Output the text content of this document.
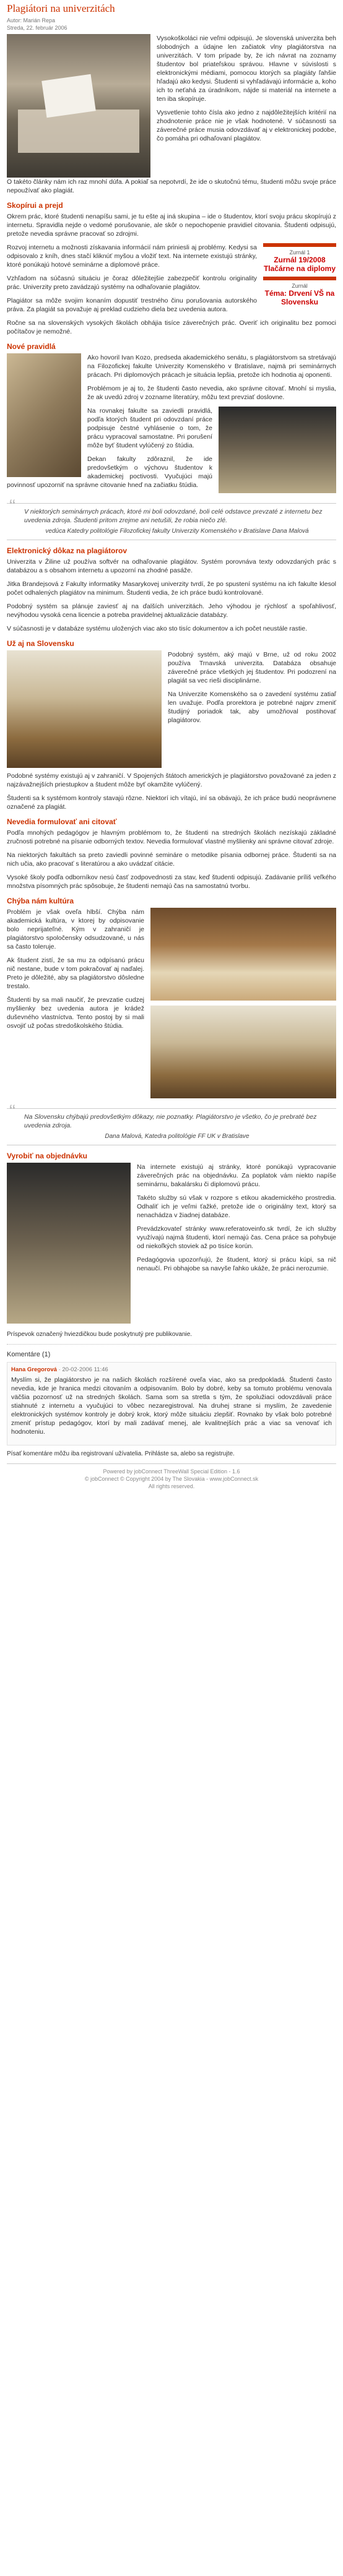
Plagiátori na univerzitách
Autor: Marián Repa
Streda, 22. február 2006

Vysokoškoláci nie veľmi odpisujú. Je slovenská univerzita beh slobodných a údajne len začiatok vlny plagiátorstva na univerzitách. V tom prípade by, že ich návrat na zoznamy študentov bol priateľskou správou. Hlavne v súvislosti s elektronickými médiami, pomocou ktorých sa plagiáty ľahšie hľadajú ako kedysi. Študenti si vyhľadávajú informácie a, koho ich to neťahá za úradníkom, nájde si materiál na internete a ten iba skopíruje.

Vysvetlenie tohto čísla ako jedno z najdôležitejších kritérií na zhodnotenie práce nie je však hodnotené. V súčasnosti sa záverečné práce musia odovzdávať aj v elektronickej podobe, čo pomáha pri odhaľovaní plagiátov.

O takéto články nám ich raz mnohí dúfa. A pokiaľ sa nepotvrdí, že ide o skutočnú tému, študenti môžu svoje práce nepoužívať ako plagiát.

Skopírui a prejd

Okrem prác, ktoré študenti nenapíšu sami, je tu ešte aj iná skupina – ide o študentov, ktorí svoju prácu skopírujú z internetu. Spravidla nejde o vedomé porušovanie, ale skôr o nepochopenie pravidiel citovania. Študenti odpisujú, pretože nevedia správne pracovať so zdrojmi.

Zurnál 1
Zurnál 19/2008
Tlačárne na diplomy
Zurnál
Téma: Drvení VŠ na Slovensku

Rozvoj internetu a možnosti získavania informácií nám priniesli aj problémy. Kedysi sa odpisovalo z kníh, dnes stačí kliknúť myšou a vložiť text. Na internete existujú stránky, ktoré ponúkajú hotové seminárne a diplomové práce.

Vzhľadom na súčasnú situáciu je čoraz dôležitejšie zabezpečiť kontrolu originality prác. Univerzity preto zavádzajú systémy na odhaľovanie plagiátov.

Plagiátor sa môže svojim konaním dopustiť trestného činu porušovania autorského práva. Za plagiát sa považuje aj preklad cudzieho diela bez uvedenia autora.

Ročne sa na slovenských vysokých školách obhájia tisíce záverečných prác. Overiť ich originalitu bez pomoci počítačov je nemožné.

Nové pravidlá

Ako hovoril Ivan Kozo, predseda akademického senátu, s plagiátorstvom sa stretávajú na Filozofickej fakulte Univerzity Komenského v Bratislave, najmä pri seminárnych prácach. Pri diplomových prácach je situácia lepšia, pretože ich hodnotia aj oponenti.

Problémom je aj to, že študenti často nevedia, ako správne citovať. Mnohí si myslia, že ak uvedú zdroj v zozname literatúry, môžu text prevziať doslovne.

Na rovnakej fakulte sa zaviedli pravidlá, podľa ktorých študent pri odovzdaní práce podpisuje čestné vyhlásenie o tom, že prácu vypracoval samostatne. Pri porušení môže byť študent vylúčený zo štúdia.

Dekan fakulty zdôraznil, že ide predovšetkým o výchovu študentov k akademickej poctivosti. Vyučujúci majú povinnosť upozorniť na správne citovanie hneď na začiatku štúdia.

“ V niektorých seminárnych prácach, ktoré mi boli odovzdané, boli celé odstavce prevzaté z internetu bez uvedenia zdroja. Študenti pritom zrejme ani netušili, že robia niečo zlé.
vedúca Katedry politológie Filozofickej fakulty Univerzity Komenského v Bratislave Dana Malová
Elektronický dôkaz na plagiátorov

Univerzita v Žiline už používa softvér na odhaľovanie plagiátov. Systém porovnáva texty odovzdaných prác s databázou a s obsahom internetu a upozorní na zhodné pasáže.

Jitka Brandejsová z Fakulty informatiky Masarykovej univerzity tvrdí, že po spustení systému na ich fakulte klesol počet odhalených plagiátov na minimum. Študenti vedia, že ich práce budú kontrolované.

Podobný systém sa plánuje zaviesť aj na ďalších univerzitách. Jeho výhodou je rýchlosť a spoľahlivosť, nevýhodou vysoká cena licencie a potreba pravidelnej aktualizácie databázy.

V súčasnosti je v databáze systému uložených viac ako sto tisíc dokumentov a ich počet neustále rastie.

Už aj na Slovensku

Podobný systém, aký majú v Brne, už od roku 2002 používa Trnavská univerzita. Databáza obsahuje záverečné práce všetkých jej študentov. Pri podozrení na plagiát sa vec rieši disciplinárne.

Na Univerzite Komenského sa o zavedení systému zatiaľ len uvažuje. Podľa prorektora je potrebné najprv zmeniť študijný poriadok tak, aby umožňoval postihovať plagiátorov.

Podobné systémy existujú aj v zahraničí. V Spojených štátoch amerických je plagiátorstvo považované za jeden z najzávažnejších priestupkov a študent môže byť okamžite vylúčený.

Študenti sa k systémom kontroly stavajú rôzne. Niektorí ich vítajú, iní sa obávajú, že ich práce budú neoprávnene označené za plagiát.

Nevedia formulovať ani citovať

Podľa mnohých pedagógov je hlavným problémom to, že študenti na stredných školách nezískajú základné zručnosti potrebné na písanie odborných textov. Nevedia formulovať vlastné myšlienky ani správne citovať zdroje.

Na niektorých fakultách sa preto zaviedli povinné semináre o metodike písania odbornej práce. Študenti sa na nich učia, ako pracovať s literatúrou a ako uvádzať citácie.

Vysoké školy podľa odborníkov nesú časť zodpovednosti za stav, keď študenti odpisujú. Zadávanie príliš veľkého množstva písomných prác spôsobuje, že študenti nemajú čas na samostatnú tvorbu.

Chýba nám kultúra

Problém je však oveľa hlbší. Chýba nám akademická kultúra, v ktorej by odpisovanie bolo neprijateľné. Kým v zahraničí je plagiátorstvo spoločensky odsudzované, u nás sa často toleruje.

Ak študent zistí, že sa mu za odpísanú prácu nič nestane, bude v tom pokračovať aj naďalej. Preto je dôležité, aby sa plagiátorstvo dôsledne trestalo.

Študenti by sa mali naučiť, že prevzatie cudzej myšlienky bez uvedenia autora je krádež duševného vlastníctva. Tento postoj by si mali osvojiť už počas stredoškolského štúdia.

“ Na Slovensku chýbajú predovšetkým dôkazy, nie poznatky. Plagiátorstvo je všetko, čo je prebraté bez uvedenia zdroja.
Dana Malová, Katedra politológie FF UK v Bratislave
Vyrobiť na objednávku

Na internete existujú aj stránky, ktoré ponúkajú vypracovanie záverečných prác na objednávku. Za poplatok vám niekto napíše seminárnu, bakalársku či diplomovú prácu.

Takéto služby sú však v rozpore s etikou akademického prostredia. Odhaliť ich je veľmi ťažké, pretože ide o originálny text, ktorý sa nenachádza v žiadnej databáze.

Prevádzkovateľ stránky www.referatoveinfo.sk tvrdí, že ich služby využívajú najmä študenti, ktorí nemajú čas. Cena práce sa pohybuje od niekoľkých stoviek až po tisíce korún.

Pedagógovia upozorňujú, že študent, ktorý si prácu kúpi, sa nič nenaučí. Pri obhajobe sa navyše ľahko ukáže, že práci nerozumie.

Príspevok označený hviezdičkou bude poskytnutý pre publikovanie.
Komentáre (1)
Hana Gregorová · 20-02-2006 11:46

Myslím si, že plagiátorstvo je na našich školách rozšírené oveľa viac, ako sa predpokladá. Študenti často nevedia, kde je hranica medzi citovaním a odpisovaním. Bolo by dobré, keby sa tomuto problému venovala väčšia pozornosť už na stredných školách. Sama som sa stretla s tým, že spolužiaci odovzdávali práce stiahnuté z internetu a vyučujúci to vôbec nezaregistroval. Na druhej strane si myslím, že zavedenie elektronických systémov kontroly je dobrý krok, ktorý môže situáciu zlepšiť. Rovnako by však bolo potrebné zmeniť prístup pedagógov, ktorí by mali zadávať menej, ale kvalitnejších prác a viac sa venovať ich hodnoteniu.

Písať komentáre môžu iba registrovaní užívatelia. Prihláste sa, alebo sa registrujte.
Powered by jobConnect ThreeWall Special Edition - 1.6
© jobConnect © Copyright 2004 by The Slovakia - www.jobConnect.sk
All rights reserved.
